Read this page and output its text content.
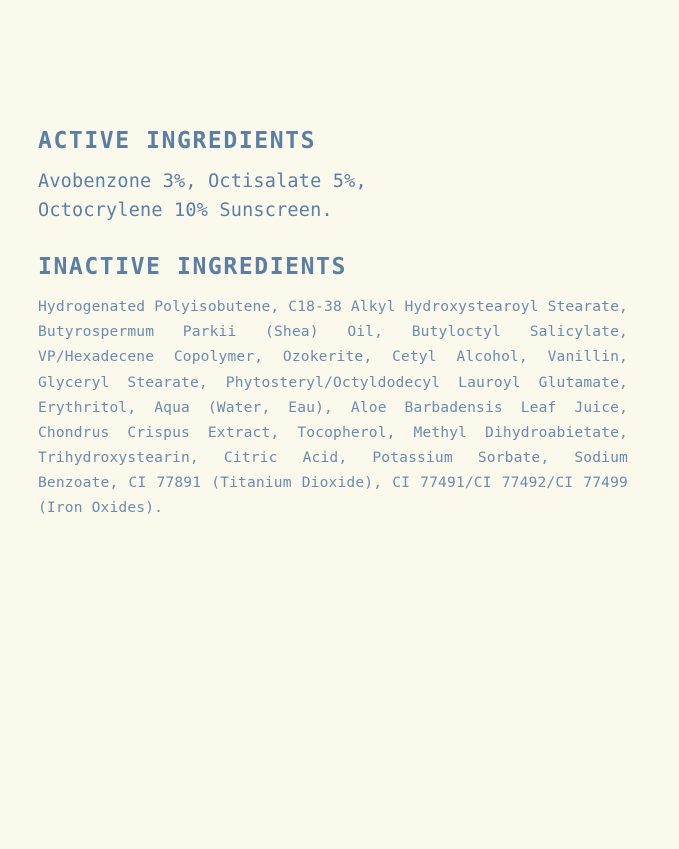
ACTIVE INGREDIENTS

Avobenzone 3%, Octisalate 5%, Octocrylene 10% Sunscreen.

INACTIVE INGREDIENTS

Hydrogenated Polyisobutene, C18-38 Alkyl Hydroxystearoyl Stearate, Butyrospermum Parkii (Shea) Oil, Butyloctyl Salicylate, VP/Hexadecene Copolymer, Ozokerite, Cetyl Alcohol, Vanillin, Glyceryl Stearate, Phytosteryl/Octyldodecyl Lauroyl Glutamate, Erythritol, Aqua (Water, Eau), Aloe Barbadensis Leaf Juice, Chondrus Crispus Extract, Tocopherol, Methyl Dihydroabietate, Trihydroxystearin, Citric Acid, Potassium Sorbate, Sodium Benzoate, CI 77891 (Titanium Dioxide), CI 77491/CI 77492/CI 77499 (Iron Oxides).
